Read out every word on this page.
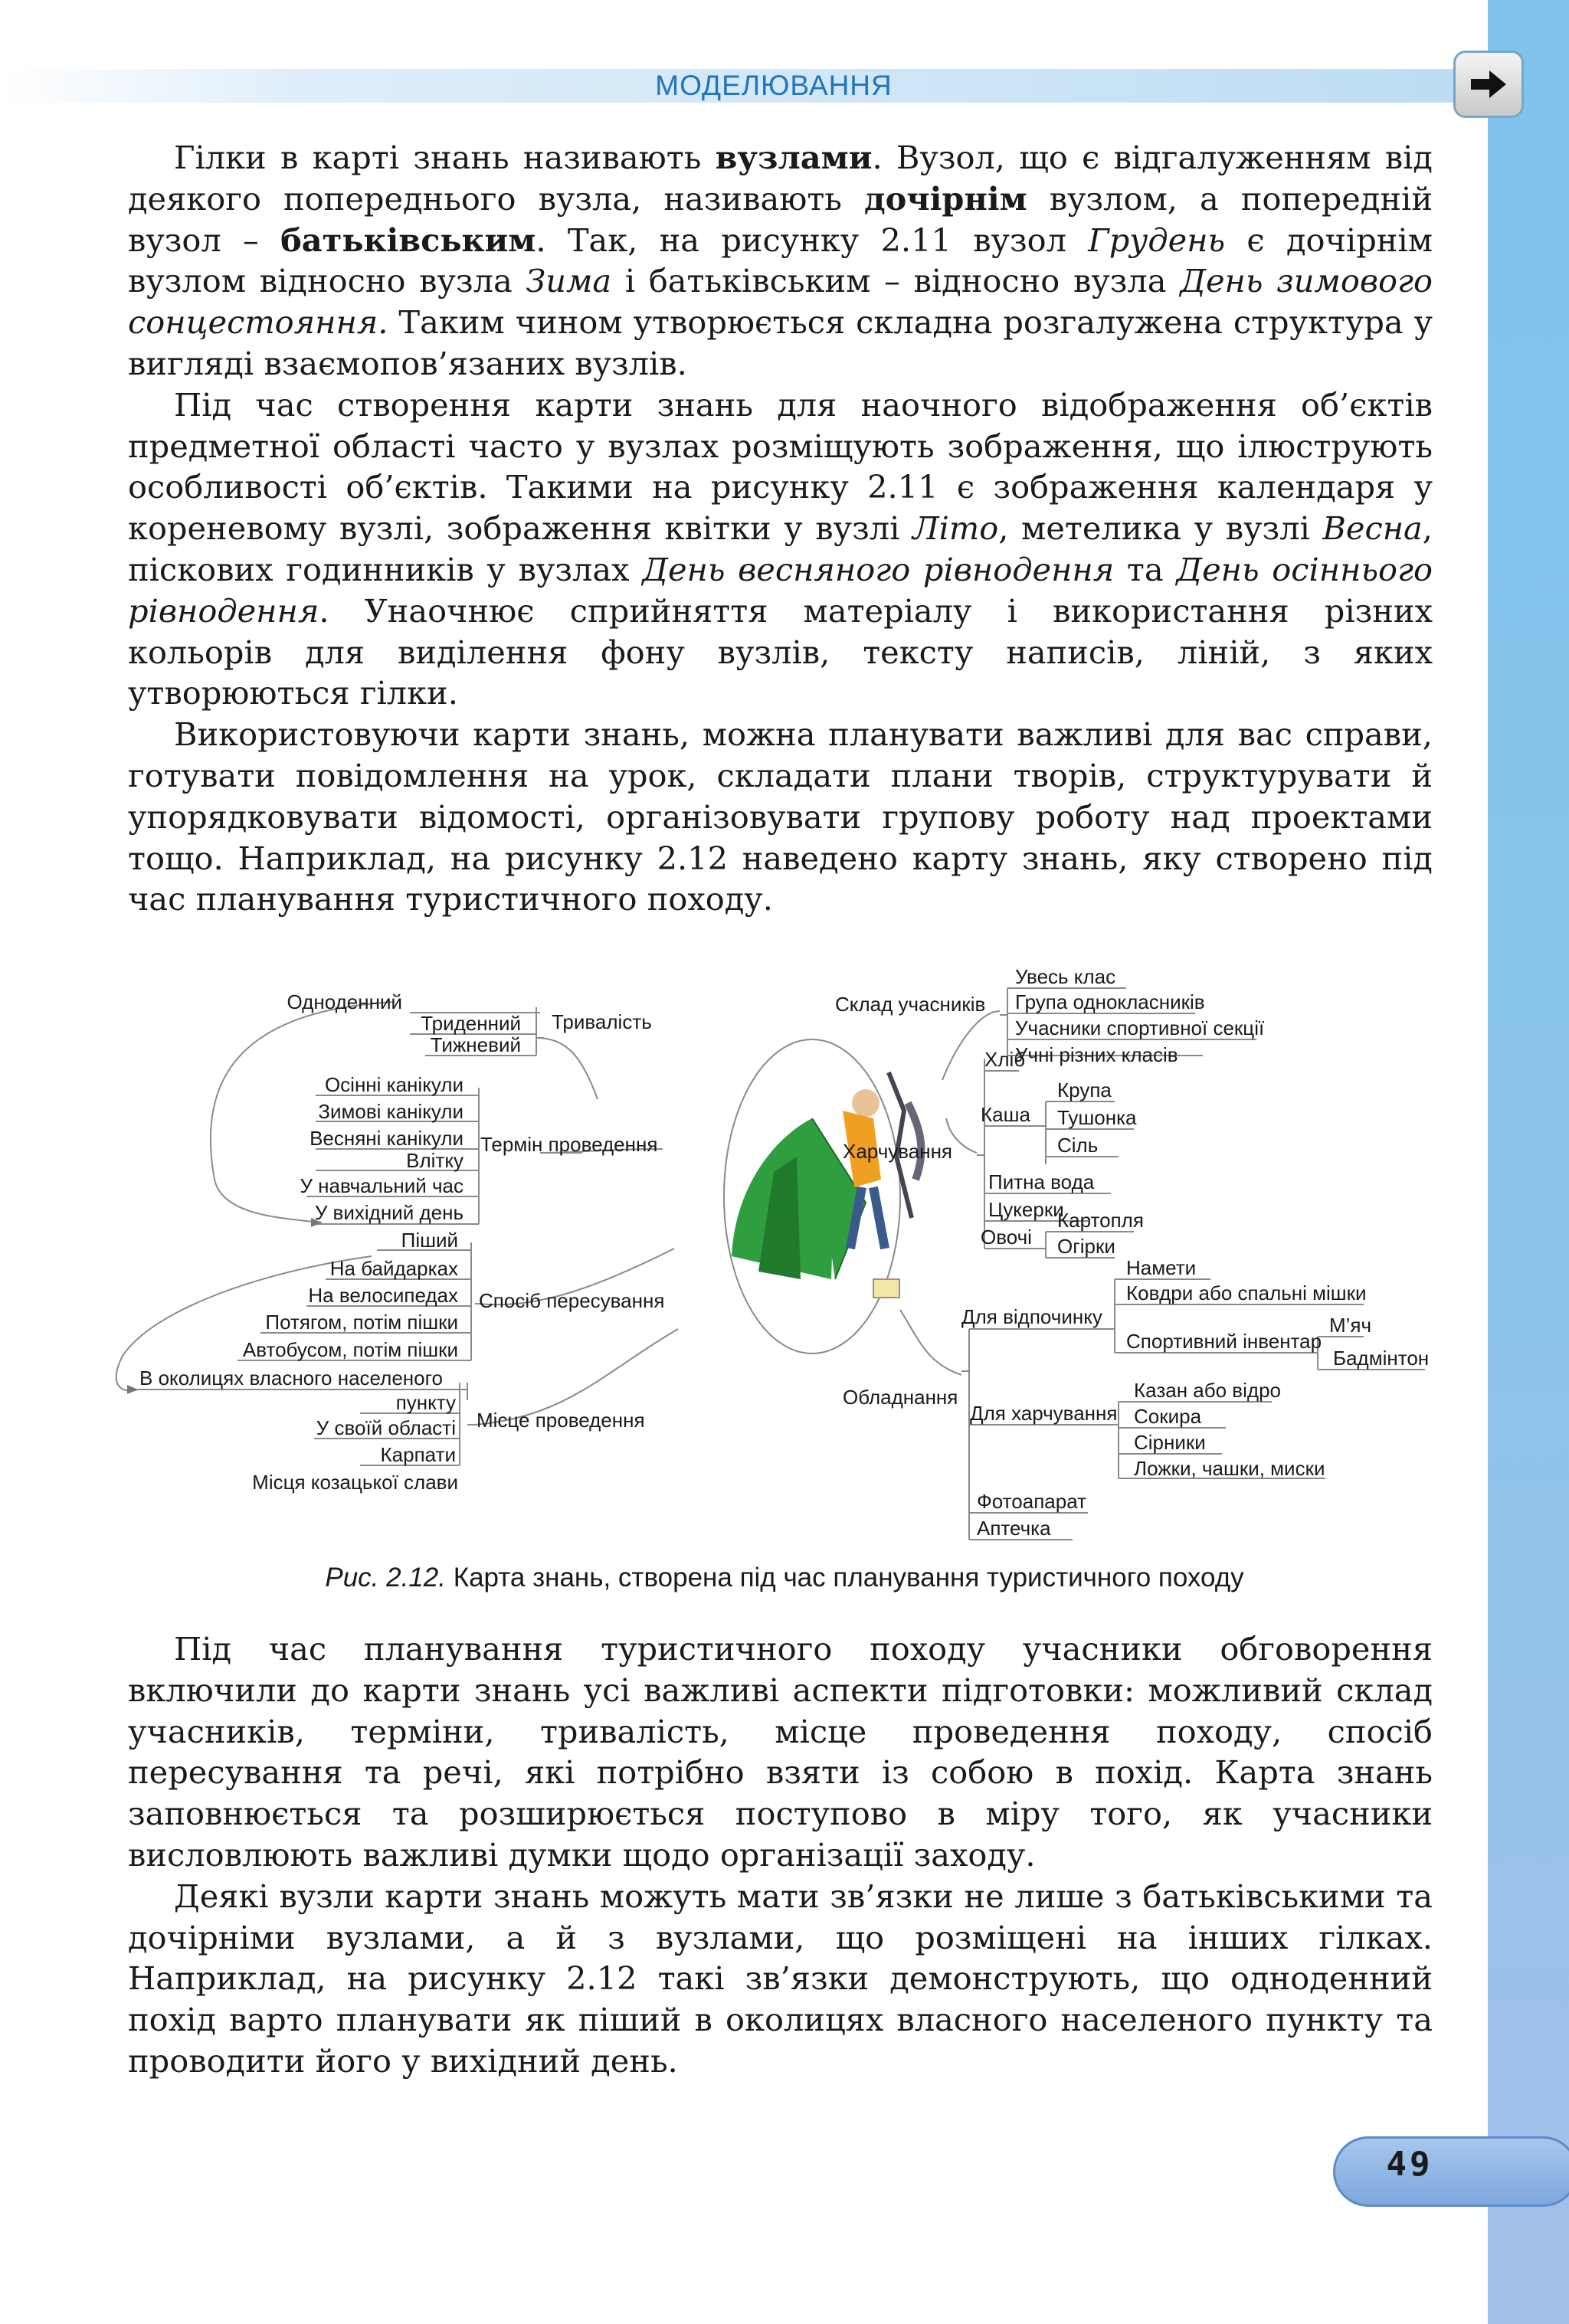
МОДЕЛЮВАННЯ

Гілки в карті знань називають вузлами. Вузол, що є відгалуженням від деякого попереднього вузла, називають дочірнім вузлом, а попередній вузол – батьківським. Так, на рисунку 2.11 вузол Грудень є дочірнім вузлом відносно вузла Зима і батьківським – відносно вузла День зимового сонцестояння. Таким чином утворюється складна розгалужена структура у вигляді взаємопов’язаних вузлів.

Під час створення карти знань для наочного відображення об’єктів предметної області часто у вузлах розміщують зображення, що ілюструють особливості об’єктів. Такими на рисунку 2.11 є зображення календаря у кореневому вузлі, зображення квітки у вузлі Літо, метелика у вузлі Весна, піскових годинників у вузлах День весняного рівнодення та День осіннього рівнодення. Унаочнює сприйняття матеріалу і використання різних кольорів для виділення фону вузлів, тексту написів, ліній, з яких утворюються гілки.

Використовуючи карти знань, можна планувати важливі для вас справи, готувати повідомлення на урок, складати плани творів, структурувати й упорядковувати відомості, організовувати групову роботу над проектами тощо. Наприклад, на рисунку 2.12 наведено карту знань, яку створено під час планування туристичного походу.

Тривалість
Одноденний
Триденний
Тижневий
Термін проведення
Осінні канікули
Зимові канікули
Весняні канікули
Влітку
У навчальний час
У вихідний день
Спосіб пересування
Піший
На байдарках
На велосипедах
Потягом, потім пішки
Автобусом, потім пішки
Місце проведення
В околицях власного населеного
пункту
У своїй області
Карпати
Місця козацької слави
Склад учасників
Увесь клас
Група однокласників
Учасники спортивної секції
Учні різних класів
Харчування
Хліб
Каша
Крупа
Тушонка
Сіль
Питна вода
Цукерки
Овочі
Картопля
Огірки
Обладнання
Для відпочинку
Намети
Ковдри або спальні мішки
Спортивний інвентар
М’яч
Бадмінтон
Для харчування
Казан або відро
Сокира
Сірники
Ложки, чашки, миски
Фотоапарат
Аптечка
Рис. 2.12. Карта знань, створена під час планування туристичного походу

Під час планування туристичного походу учасники обговорення включили до карти знань усі важливі аспекти підготовки: можливий склад учасників, терміни, тривалість, місце проведення походу, спосіб пересування та речі, які потрібно взяти із собою в похід. Карта знань заповнюється та розширюється поступово в міру того, як учасники висловлюють важливі думки щодо організації заходу.

Деякі вузли карти знань можуть мати зв’язки не лише з батьківськими та дочірніми вузлами, а й з вузлами, що розміщені на інших гілках. Наприклад, на рисунку 2.12 такі зв’язки демонструють, що одноденний похід варто планувати як піший в околицях власного населеного пункту та проводити його у вихідний день.

49
